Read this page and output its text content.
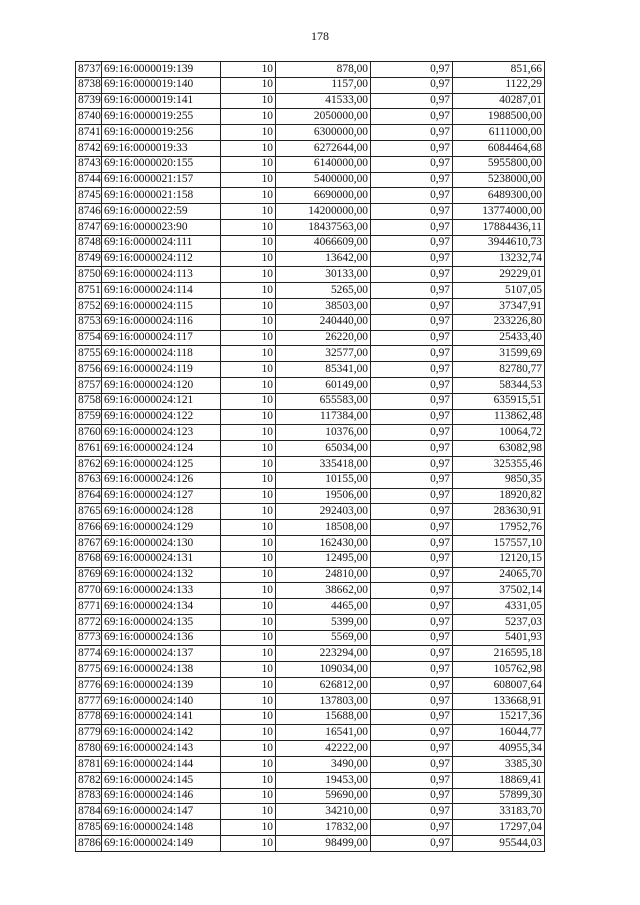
178
8737	69:16:0000019:139	10	878,00	0,97	851,66
8738	69:16:0000019:140	10	1157,00	0,97	1122,29
8739	69:16:0000019:141	10	41533,00	0,97	40287,01
8740	69:16:0000019:255	10	2050000,00	0,97	1988500,00
8741	69:16:0000019:256	10	6300000,00	0,97	6111000,00
8742	69:16:0000019:33	10	6272644,00	0,97	6084464,68
8743	69:16:0000020:155	10	6140000,00	0,97	5955800,00
8744	69:16:0000021:157	10	5400000,00	0,97	5238000,00
8745	69:16:0000021:158	10	6690000,00	0,97	6489300,00
8746	69:16:0000022:59	10	14200000,00	0,97	13774000,00
8747	69:16:0000023:90	10	18437563,00	0,97	17884436,11
8748	69:16:0000024:111	10	4066609,00	0,97	3944610,73
8749	69:16:0000024:112	10	13642,00	0,97	13232,74
8750	69:16:0000024:113	10	30133,00	0,97	29229,01
8751	69:16:0000024:114	10	5265,00	0,97	5107,05
8752	69:16:0000024:115	10	38503,00	0,97	37347,91
8753	69:16:0000024:116	10	240440,00	0,97	233226,80
8754	69:16:0000024:117	10	26220,00	0,97	25433,40
8755	69:16:0000024:118	10	32577,00	0,97	31599,69
8756	69:16:0000024:119	10	85341,00	0,97	82780,77
8757	69:16:0000024:120	10	60149,00	0,97	58344,53
8758	69:16:0000024:121	10	655583,00	0,97	635915,51
8759	69:16:0000024:122	10	117384,00	0,97	113862,48
8760	69:16:0000024:123	10	10376,00	0,97	10064,72
8761	69:16:0000024:124	10	65034,00	0,97	63082,98
8762	69:16:0000024:125	10	335418,00	0,97	325355,46
8763	69:16:0000024:126	10	10155,00	0,97	9850,35
8764	69:16:0000024:127	10	19506,00	0,97	18920,82
8765	69:16:0000024:128	10	292403,00	0,97	283630,91
8766	69:16:0000024:129	10	18508,00	0,97	17952,76
8767	69:16:0000024:130	10	162430,00	0,97	157557,10
8768	69:16:0000024:131	10	12495,00	0,97	12120,15
8769	69:16:0000024:132	10	24810,00	0,97	24065,70
8770	69:16:0000024:133	10	38662,00	0,97	37502,14
8771	69:16:0000024:134	10	4465,00	0,97	4331,05
8772	69:16:0000024:135	10	5399,00	0,97	5237,03
8773	69:16:0000024:136	10	5569,00	0,97	5401,93
8774	69:16:0000024:137	10	223294,00	0,97	216595,18
8775	69:16:0000024:138	10	109034,00	0,97	105762,98
8776	69:16:0000024:139	10	626812,00	0,97	608007,64
8777	69:16:0000024:140	10	137803,00	0,97	133668,91
8778	69:16:0000024:141	10	15688,00	0,97	15217,36
8779	69:16:0000024:142	10	16541,00	0,97	16044,77
8780	69:16:0000024:143	10	42222,00	0,97	40955,34
8781	69:16:0000024:144	10	3490,00	0,97	3385,30
8782	69:16:0000024:145	10	19453,00	0,97	18869,41
8783	69:16:0000024:146	10	59690,00	0,97	57899,30
8784	69:16:0000024:147	10	34210,00	0,97	33183,70
8785	69:16:0000024:148	10	17832,00	0,97	17297,04
8786	69:16:0000024:149	10	98499,00	0,97	95544,03
